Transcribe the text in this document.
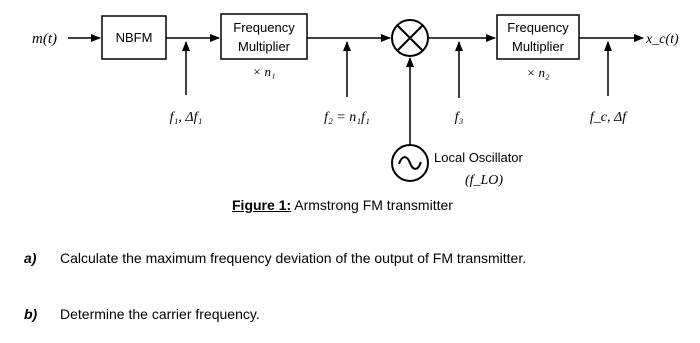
m(t)	NBFM
Frequency
Multiplier
× n₁
Frequency
Multiplier
× n₂
x_c(t)
f₁, Δf₁	f₂ = n₁f₁	f₃	f_c, Δf
Local Oscillator
(f_LO)
Figure 1: Armstrong FM transmitter
a) Calculate the maximum frequency deviation of the output of FM transmitter.
b) Determine the carrier frequency.
